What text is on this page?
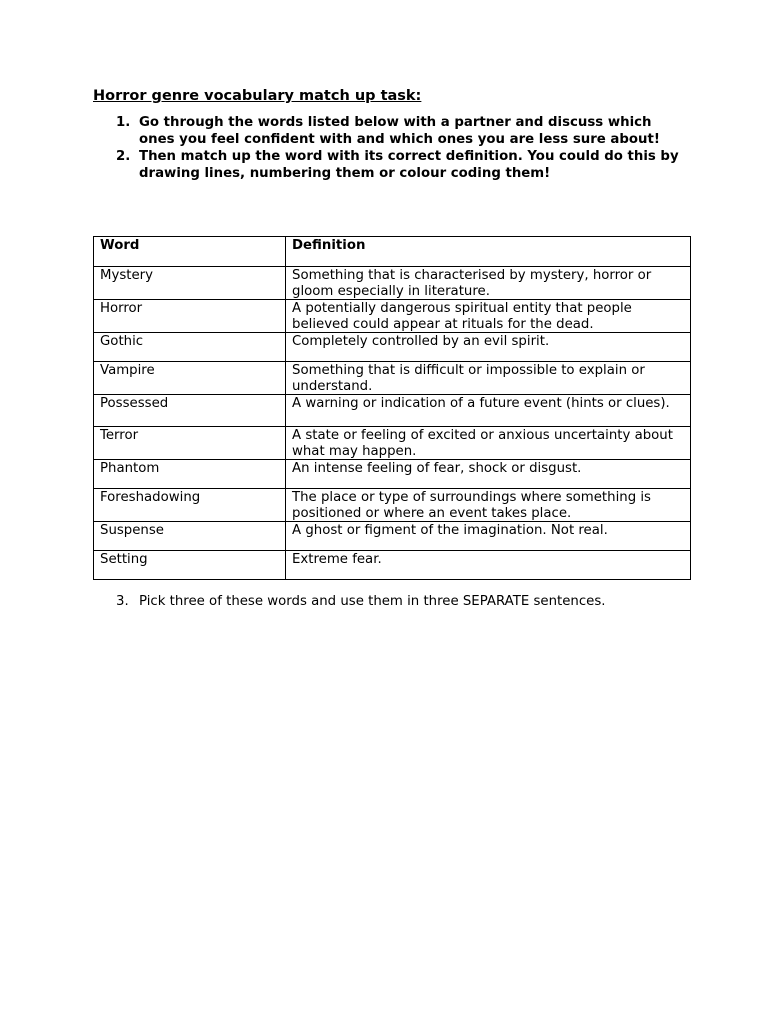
Horror genre vocabulary match up task:
1. Go through the words listed below with a partner and discuss which ones you feel confident with and which ones you are less sure about!
2. Then match up the word with its correct definition. You could do this by drawing lines, numbering them or colour coding them!
Word	Definition
Mystery	Something that is characterised by mystery, horror or gloom especially in literature.
Horror	A potentially dangerous spiritual entity that people believed could appear at rituals for the dead.
Gothic	Completely controlled by an evil spirit.
Vampire	Something that is difficult or impossible to explain or understand.
Possessed	A warning or indication of a future event (hints or clues).
Terror	A state or feeling of excited or anxious uncertainty about what may happen.
Phantom	An intense feeling of fear, shock or disgust.
Foreshadowing	The place or type of surroundings where something is positioned or where an event takes place.
Suspense	A ghost or figment of the imagination. Not real.
Setting	Extreme fear.
3. Pick three of these words and use them in three SEPARATE sentences.
